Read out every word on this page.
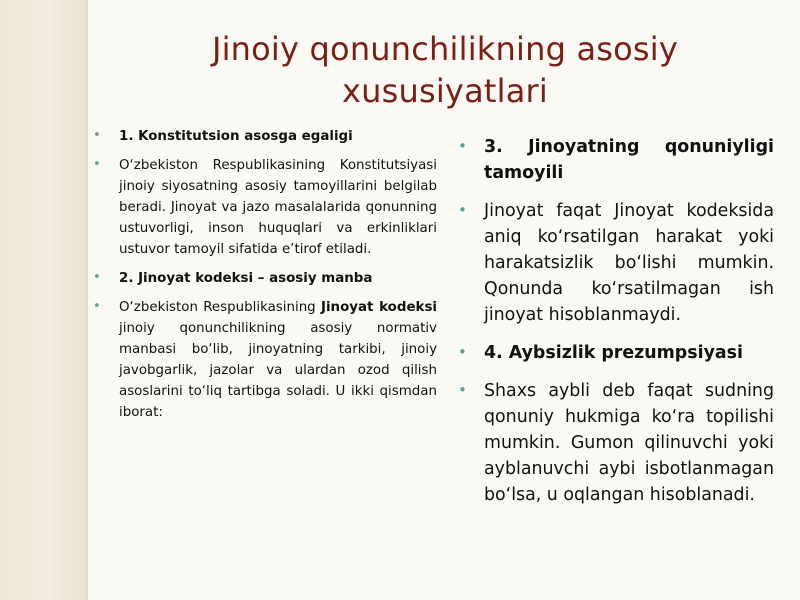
Jinoiy qonunchilikning asosiy xususiyatlari
• 1. Konstitutsion asosga egaligi
• O‘zbekiston Respublikasining Konstitutsiyasi jinoiy siyosatning asosiy tamoyillarini belgilab beradi. Jinoyat va jazo masalalarida qonunning ustuvorligi, inson huquqlari va erkinliklari ustuvor tamoyil sifatida e’tirof etiladi.
• 2. Jinoyat kodeksi – asosiy manba
• O‘zbekiston Respublikasining Jinoyat kodeksi jinoiy qonunchilikning asosiy normativ manbasi bo‘lib, jinoyatning tarkibi, jinoiy javobgarlik, jazolar va ulardan ozod qilish asoslarini to‘liq tartibga soladi. U ikki qismdan iborat:
• 3. Jinoyatning qonuniyligi tamoyili
• Jinoyat faqat Jinoyat kodeksida aniq ko‘rsatilgan harakat yoki harakatsizlik bo‘lishi mumkin. Qonunda ko‘rsatilmagan ish jinoyat hisoblanmaydi.
• 4. Aybsizlik prezumpsiyasi
• Shaxs aybli deb faqat sudning qonuniy hukmiga ko‘ra topilishi mumkin. Gumon qilinuvchi yoki ayblanuvchi aybi isbotlanmagan bo‘lsa, u oqlangan hisoblanadi.
